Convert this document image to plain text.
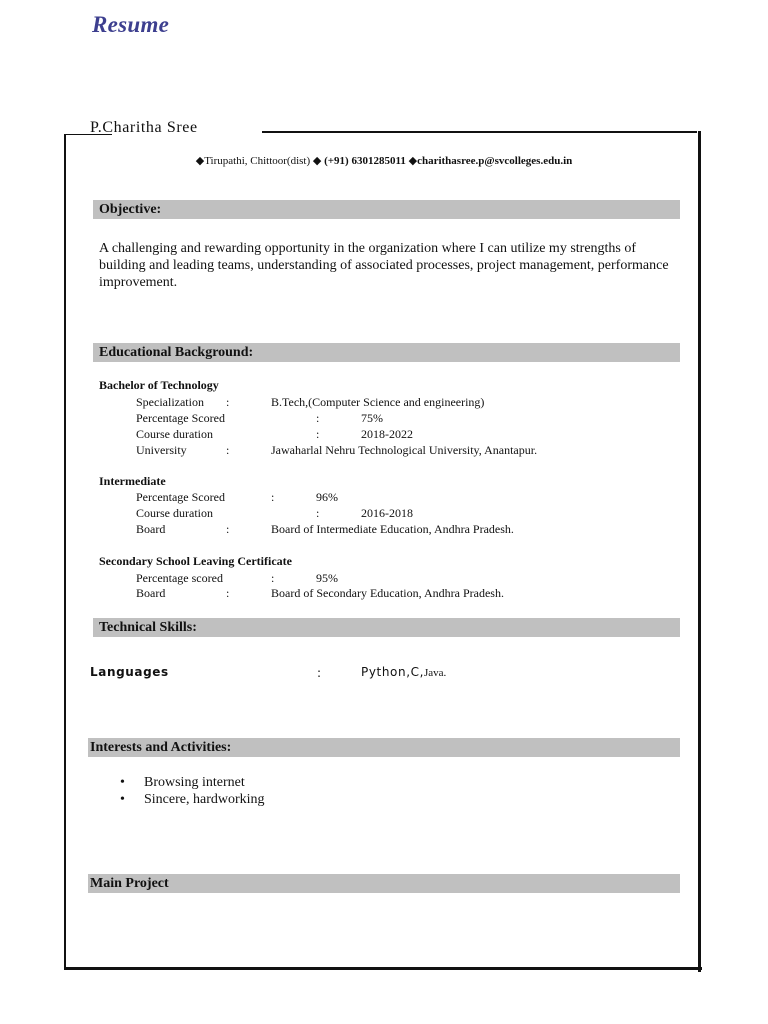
Resume
P.Charitha Sree
◆Tirupathi, Chittoor(dist) ◆ (+91) 6301285011 ◆charithasree.p@svcolleges.edu.in
Objective:
A challenging and rewarding opportunity in the organization where I can utilize my strengths of building and leading teams, understanding of associated processes, project management, performance improvement.
Educational Background:
Bachelor of Technology
Specialization :	B.Tech,(Computer Science and engineering)
Percentage Scored	:	75%
Course duration	:	2018-2022
University	:	Jawaharlal Nehru Technological University, Anantapur.
Intermediate
Percentage Scored	:	96%
Course duration	:	2016-2018
Board	:	Board of Intermediate Education, Andhra Pradesh.
Secondary School Leaving Certificate
Percentage scored	:	95%
Board	:	Board of Secondary Education, Andhra Pradesh.
Technical Skills:
Languages	:	Python,C,Java.
Interests and Activities:
• Browsing internet
• Sincere, hardworking
Main Project
